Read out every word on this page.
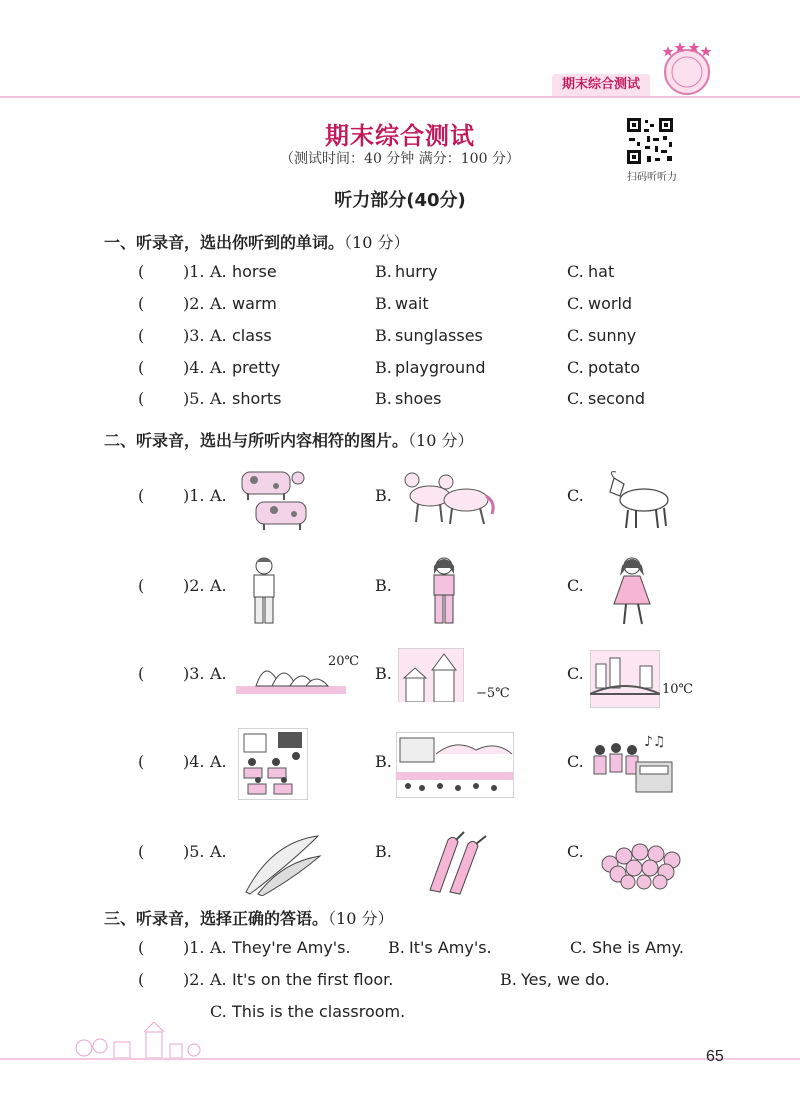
期末综合测试
期末综合测试
（测试时间：40 分钟 满分：100 分）
扫码听听力
听力部分(40分)
一、听录音，选出你听到的单词。（10 分）
( )1. A. horse	B. hurry	C. hat
( )2. A. warm	B. wait	C. world
( )3. A. class	B. sunglasses	C. sunny
( )4. A. pretty	B. playground	C. potato
( )5. A. shorts	B. shoes	C. second
二、听录音，选出与所听内容相符的图片。（10 分）
( )1. A.	B.	C.
( )2. A.	B.	C.
( )3. A.	B.	C.
20℃
−5℃	10℃
( )4. A.	B.	C.
♪♫
( )5. A.	B.	C.
三、听录音，选择正确的答语。（10 分）
( )1. A. They're Amy's. B. It's Amy's.	C. She is Amy.
( )2. A. It's on the first floor.	B. Yes, we do.
C. This is the classroom.
65
